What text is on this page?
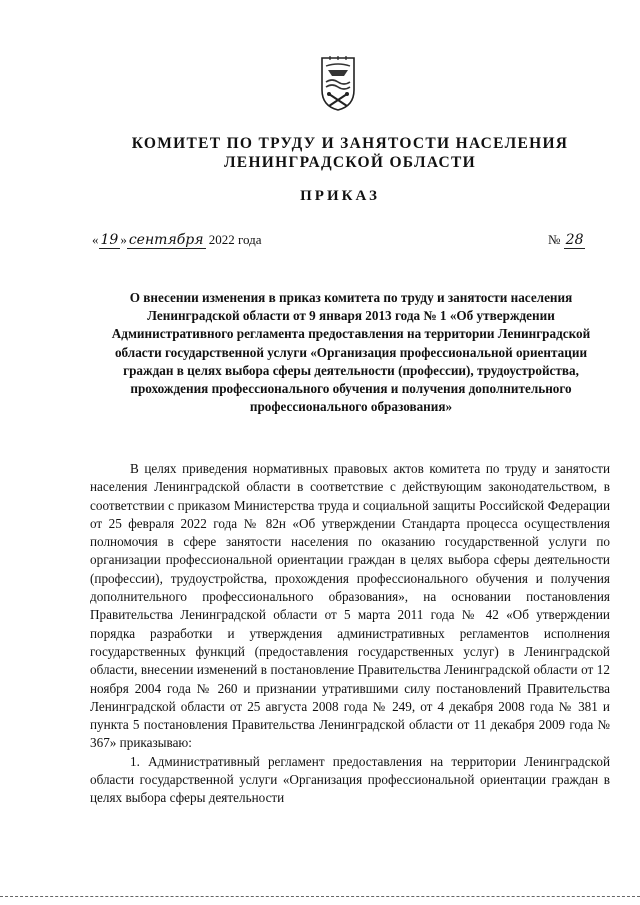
КОМИТЕТ ПО ТРУДУ И ЗАНЯТОСТИ НАСЕЛЕНИЯ
ЛЕНИНГРАДСКОЙ ОБЛАСТИ
ПРИКАЗ
« 19 » сентября 2022 года	№ 28
О внесении изменения в приказ комитета по труду и занятости населения Ленинградской области от 9 января 2013 года № 1 «Об утверждении Административного регламента предоставления на территории Ленинградской области государственной услуги «Организация профессиональной ориентации граждан в целях выбора сферы деятельности (профессии), трудоустройства, прохождения профессионального обучения и получения дополнительного профессионального образования»

В целях приведения нормативных правовых актов комитета по труду и занятости населения Ленинградской области в соответствие с действующим законодательством, в соответствии с приказом Министерства труда и социальной защиты Российской Федерации от 25 февраля 2022 года № 82н «Об утверждении Стандарта процесса осуществления полномочия в сфере занятости населения по оказанию государственной услуги по организации профессиональной ориентации граждан в целях выбора сферы деятельности (профессии), трудоустройства, прохождения профессионального обучения и получения дополнительного профессионального образования», на основании постановления Правительства Ленинградской области от 5 марта 2011 года № 42 «Об утверждении порядка разработки и утверждения административных регламентов исполнения государственных функций (предоставления государственных услуг) в Ленинградской области, внесении изменений в постановление Правительства Ленинградской области от 12 ноября 2004 года № 260 и признании утратившими силу постановлений Правительства Ленинградской области от 25 августа 2008 года № 249, от 4 декабря 2008 года № 381 и пункта 5 постановления Правительства Ленинградской области от 11 декабря 2009 года № 367» приказываю:

1. Административный регламент предоставления на территории Ленинградской области государственной услуги «Организация профессиональной ориентации граждан в целях выбора сферы деятельности
